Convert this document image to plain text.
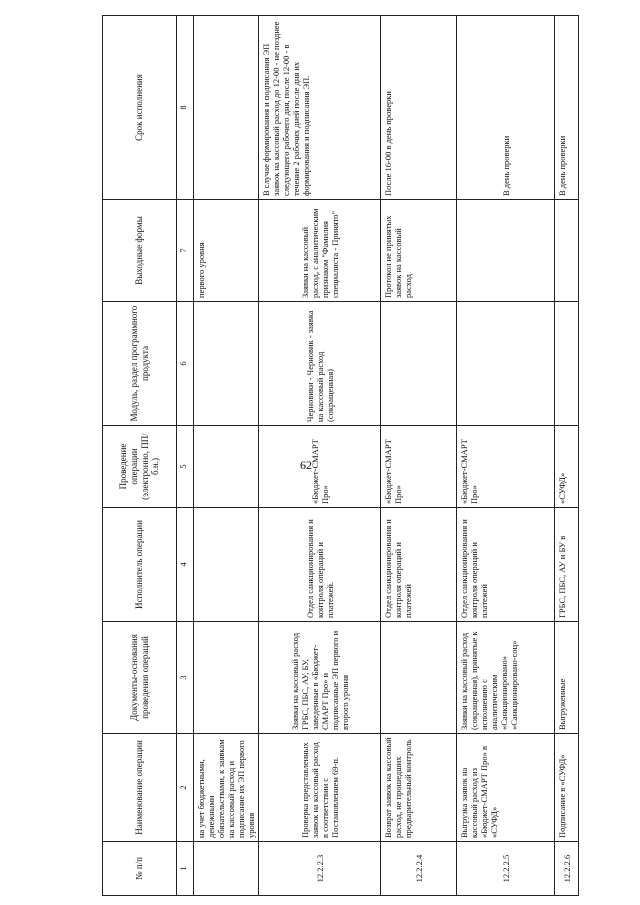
62
№ п/п	Наименование операции	Документы-основания проведения операций	Исполнитель операции	Проведение операции (электронно, ПП/б.н.)	Модуль, раздел программного продукта	Выходные формы	Срок исполнения
1	2	3	4	5	6	7	8
	на учет бюджетными, денежными обязательствами, к заявкам на кассовый расход и подписание их ЭП первого уровня					первого уровня	
12.2.2.3	Проверка представленных заявок на кассовый расход в соответствии с Постановлением 69-п.	Заявки на кассовый расход ГРБС, ПБС, АУ, БУ, заведенные в «Бюджет-СМАРТ Про» и подписанные ЭП первого и второго уровня	Отдел санкционирования и контроля операций и платежей.	«Бюджет-СМАРТ Про»	Черновики - Черновик - заявка на кассовый расход (сокращенная)	Заявки на кассовый расход, с аналитическим признаком "Фамилия специалиста - Принято"	В случае формирования и подписания ЭП заявок на кассовый расход до 12-00 - не позднее следующего рабочего дня, после 12-00 - в течение 2 рабочих дней после дня их формирования и подписания ЭП.
12.2.2.4	Возврат заявок на кассовый расход, не прошедших предварительный контроль		Отдел санкционирования и контроля операций и платежей	«Бюджет-СМАРТ Про»		Протокол не принятых заявок на кассовый расход	После 16-00 в день проверки
12.2.2.5	Выгрузка заявок на кассовый расход из «Бюджет-СМАРТ Про» в «СУФД»	Заявки на кассовый расход (сокращенная), принятые к исполнению с аналитическим «Санкционировано» «Санкционировано-соц»	Отдел санкционирования и контроля операций и платежей	«Бюджет-СМАРТ Про»			В день проверки
12.2.2.6	Подписание в «СУФД»	Выгруженные	ГРБС, ПБС, АУ и БУ в	«СУФД»			В день проверки
